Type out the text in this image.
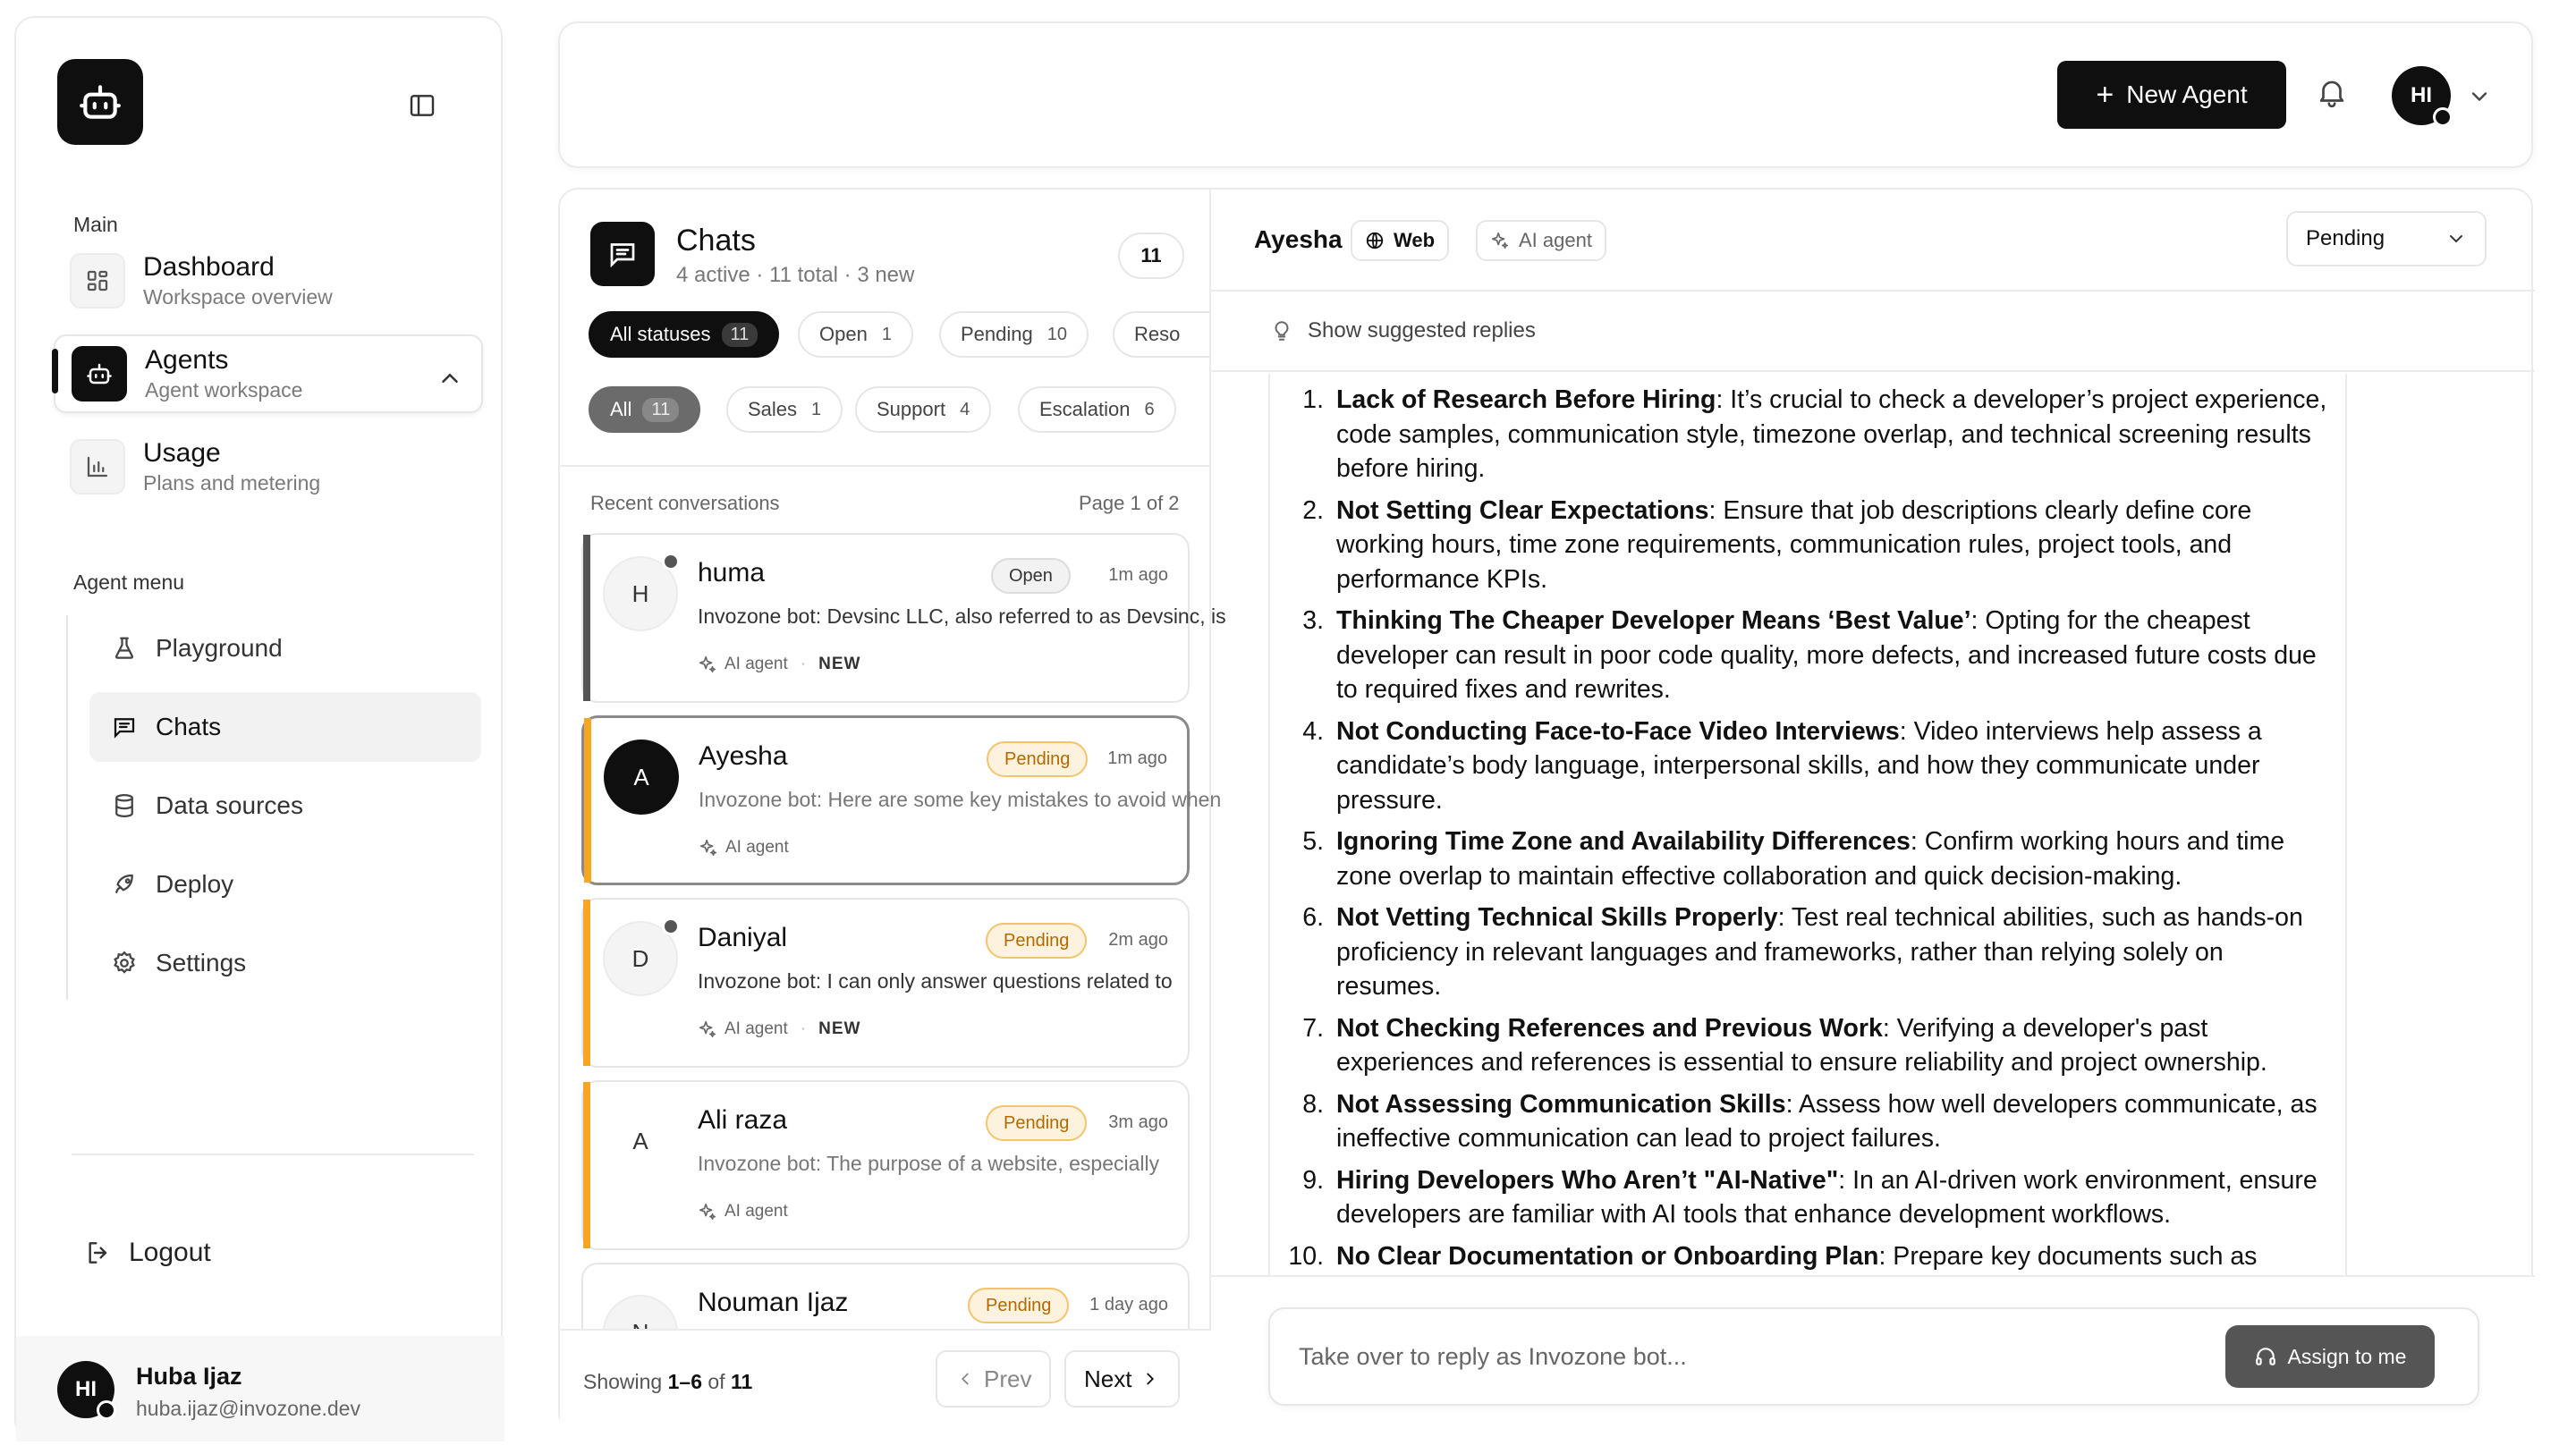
Main
Dashboard
Workspace overview
Agents
Agent workspace
Usage
Plans and metering
Agent menu
Playground
Chats
Data sources
Deploy
Settings
Logout
HI Huba Ijaz
huba.ijaz@invozone.dev
+ New Agent	HI
Chats
4 active · 11 total · 3 new
11
All statuses	11	Open 1	Pending 10	Reso
All	11	Sales 1	Support 4	Escalation 6
Recent conversations	Page 1 of 2
H
huma	Open	1m ago
Invozone bot: Devsinc LLC, also referred to as Devsinc, is
AI agent · NEW
A
Ayesha	Pending	1m ago
Invozone bot: Here are some key mistakes to avoid when
AI agent
D
Daniyal	Pending	2m ago
Invozone bot: I can only answer questions related to
AI agent · NEW
A
Ali raza	Pending	3m ago
Invozone bot: The purpose of a website, especially
AI agent
Nouman Ijaz	Pending	1 day ago
Showing 1–6 of 11	Prev Next
Ayesha	Web	AI agent	Pending
Show suggested replies
1. Lack of Research Before Hiring: It’s crucial to check a developer’s project experience, code samples, communication style, timezone overlap, and technical screening results before hiring.
2. Not Setting Clear Expectations: Ensure that job descriptions clearly define core working hours, time zone requirements, communication rules, project tools, and performance KPIs.
3. Thinking The Cheaper Developer Means ‘Best Value’: Opting for the cheapest developer can result in poor code quality, more defects, and increased future costs due to required fixes and rewrites.
4. Not Conducting Face-to-Face Video Interviews: Video interviews help assess a candidate’s body language, interpersonal skills, and how they communicate under pressure.
5. Ignoring Time Zone and Availability Differences: Confirm working hours and time zone overlap to maintain effective collaboration and quick decision-making.
6. Not Vetting Technical Skills Properly: Test real technical abilities, such as hands-on proficiency in relevant languages and frameworks, rather than relying solely on resumes.
7. Not Checking References and Previous Work: Verifying a developer's past experiences and references is essential to ensure reliability and project ownership.
8. Not Assessing Communication Skills: Assess how well developers communicate, as ineffective communication can lead to project failures.
9. Hiring Developers Who Aren’t "AI-Native": In an AI-driven work environment, ensure developers are familiar with AI tools that enhance development workflows.
10. No Clear Documentation or Onboarding Plan: Prepare key documents such as
Take over to reply as Invozone bot...	Assign to me
